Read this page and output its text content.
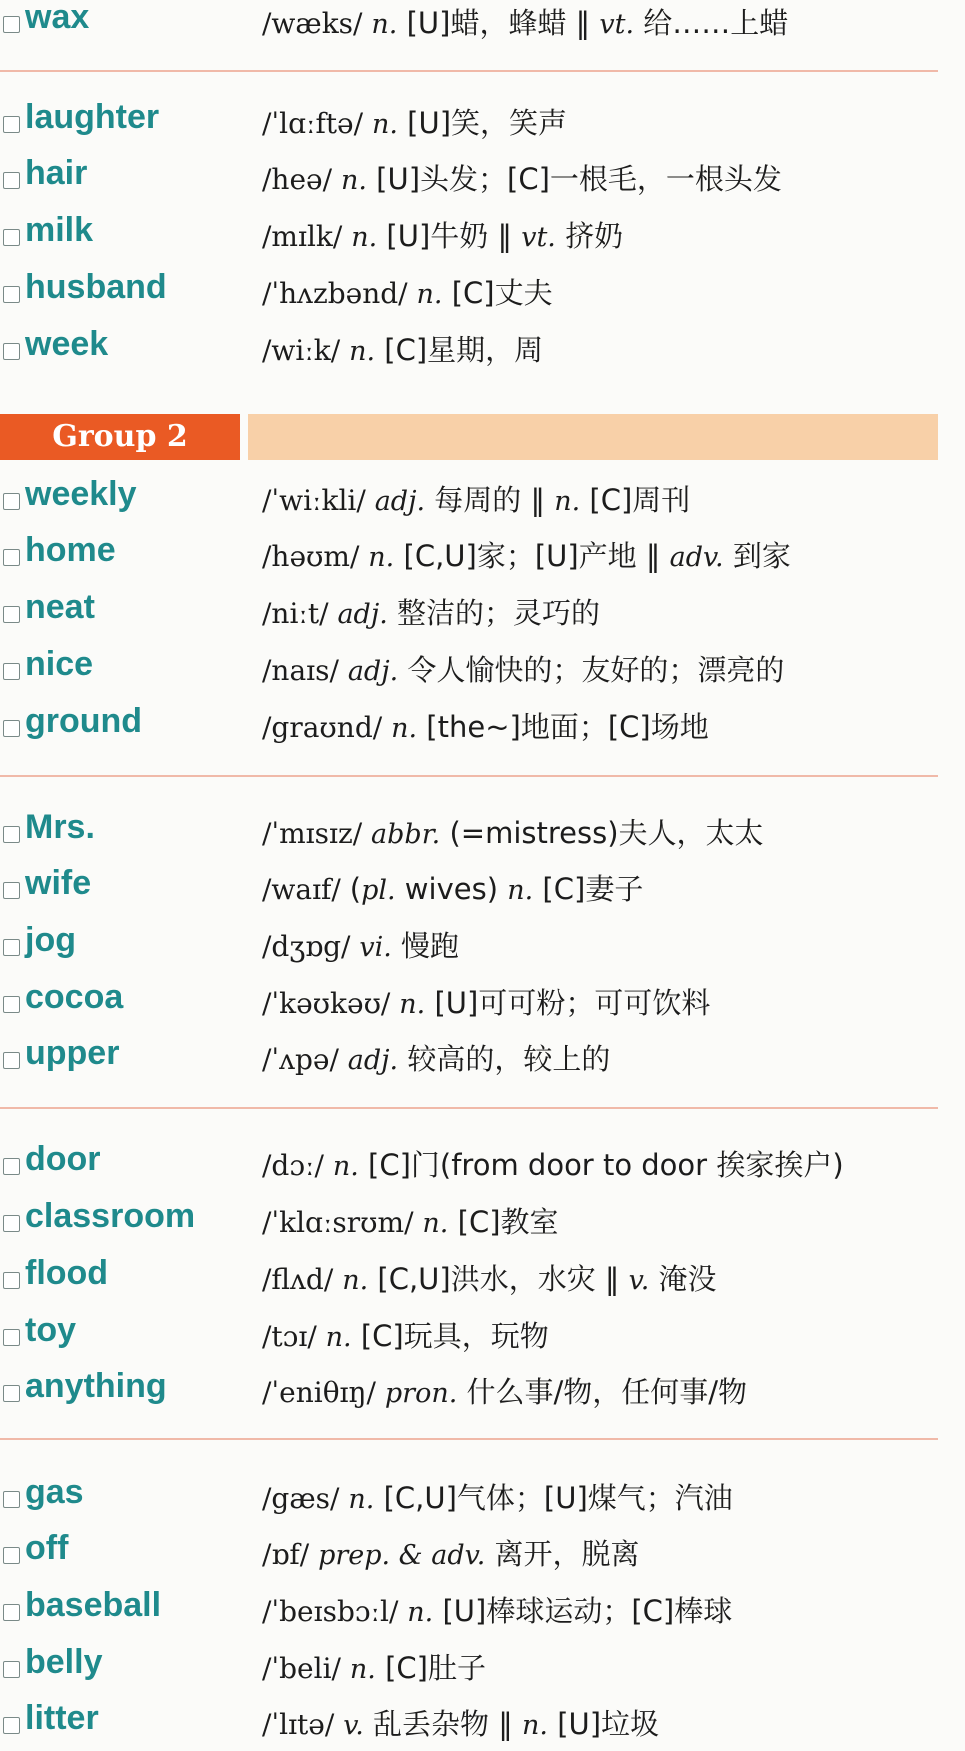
Group 2
wax	/wæks/ n. [U]蜡，蜂蜡 ‖ vt. 给……上蜡
laughter	/ˈlɑːftə/ n. [U]笑，笑声
hair	/heə/ n. [U]头发；[C]一根毛，一根头发
milk	/mɪlk/ n. [U]牛奶 ‖ vt. 挤奶
husband	/ˈhʌzbənd/ n. [C]丈夫
week	/wiːk/ n. [C]星期，周
weekly	/ˈwiːkli/ adj. 每周的 ‖ n. [C]周刊
home	/həʊm/ n. [C,U]家；[U]产地 ‖ adv. 到家
neat	/niːt/ adj. 整洁的；灵巧的
nice	/naɪs/ adj. 令人愉快的；友好的；漂亮的
ground	/graʊnd/ n. [the~]地面；[C]场地
Mrs.	/ˈmɪsɪz/ abbr. (=mistress)夫人，太太
wife	/waɪf/ (pl. wives) n. [C]妻子
jog	/dʒɒg/ vi. 慢跑
cocoa	/ˈkəʊkəʊ/ n. [U]可可粉；可可饮料
upper	/ˈʌpə/ adj. 较高的，较上的
door	/dɔː/ n. [C]门(from door to door 挨家挨户)
classroom /ˈklɑːsrʊm/ n. [C]教室
flood	/flʌd/ n. [C,U]洪水，水灾 ‖ v. 淹没
toy	/tɔɪ/ n. [C]玩具，玩物
anything	/ˈeniθɪŋ/ pron. 什么事/物，任何事/物
gas	/gæs/ n. [C,U]气体；[U]煤气；汽油
off	/ɒf/ prep. & adv. 离开，脱离
baseball	/ˈbeɪsbɔːl/ n. [U]棒球运动；[C]棒球
belly	/ˈbeli/ n. [C]肚子
litter	/ˈlɪtə/ v. 乱丢杂物 ‖ n. [U]垃圾
